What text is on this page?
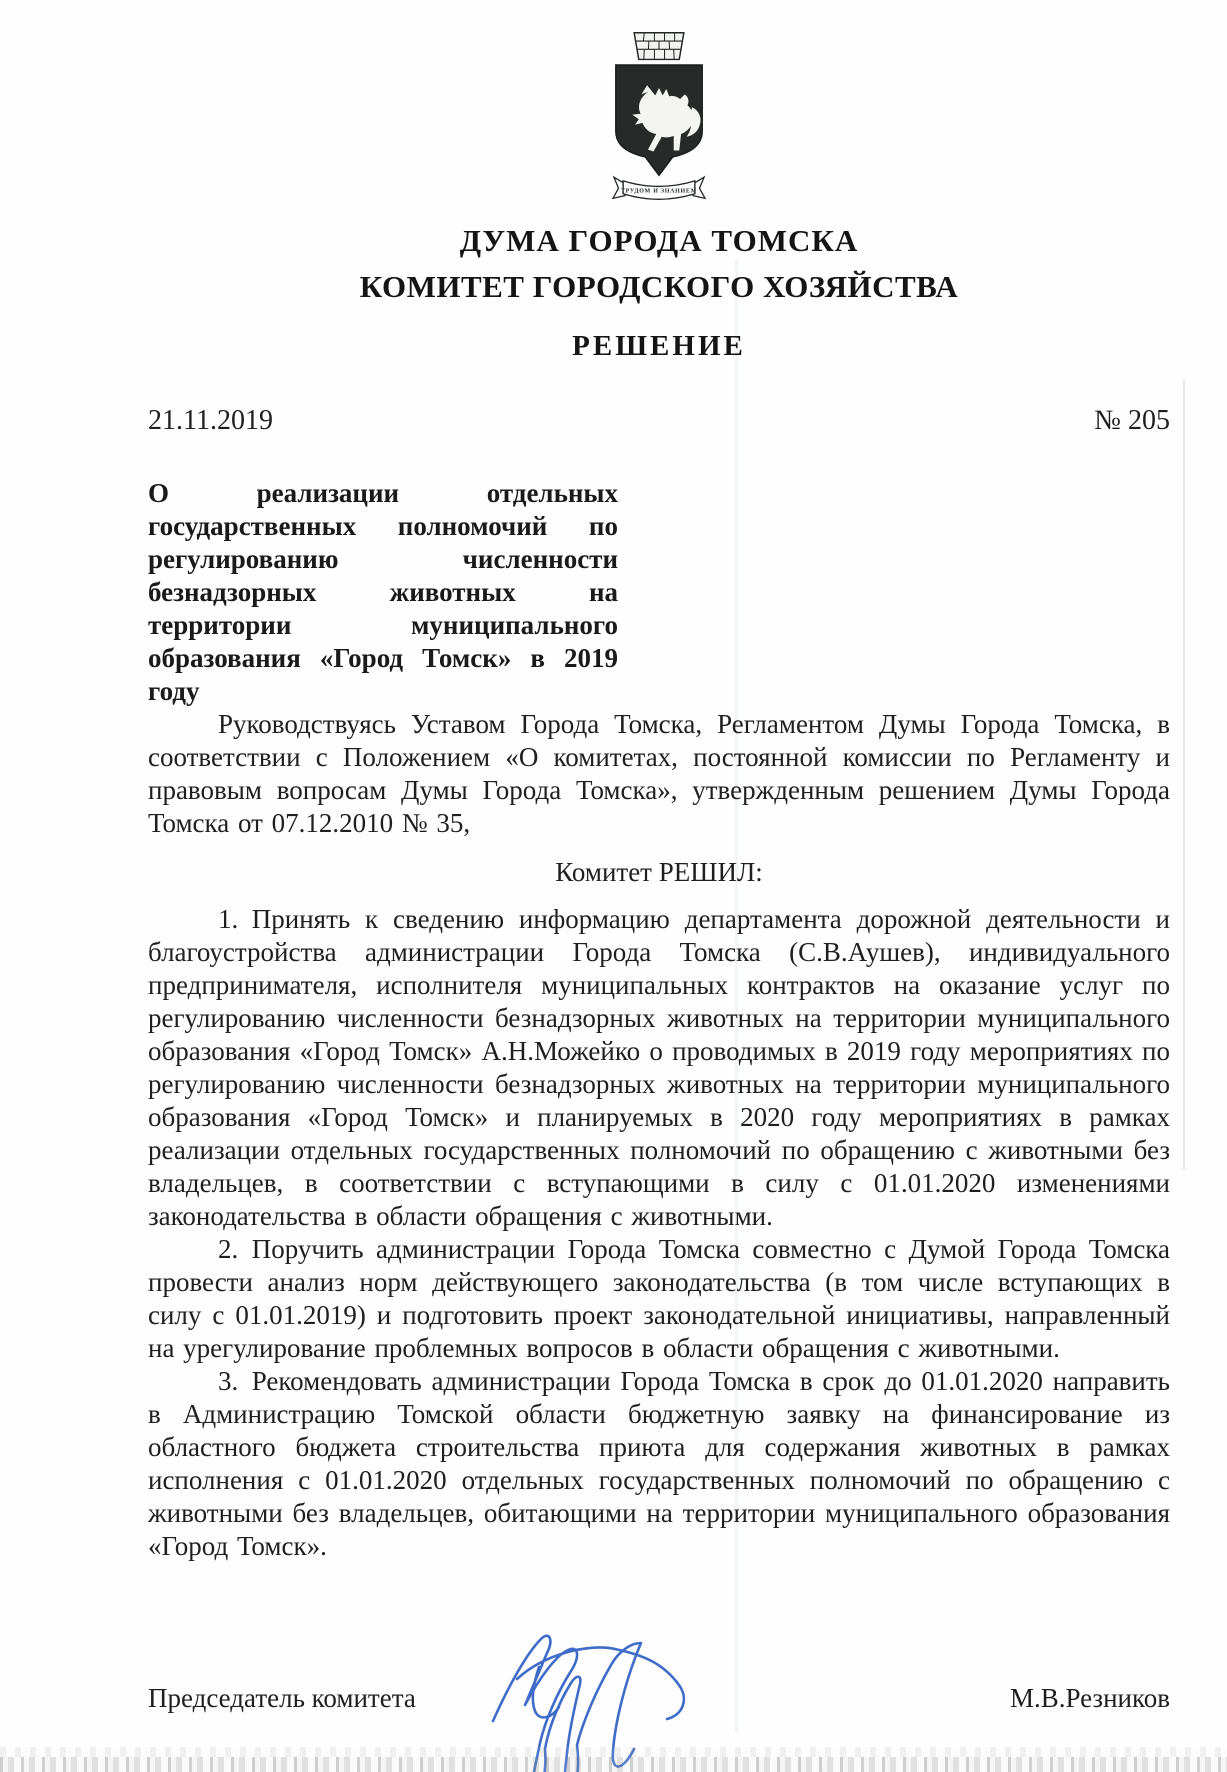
ТРУДОМ И ЗНАНИЕМ
ДУМА ГОРОДА ТОМСКА
КОМИТЕТ ГОРОДСКОГО ХОЗЯЙСТВА
РЕШЕНИЕ
21.11.2019	№ 205
О реализации отдельных государственных полномочий по регулированию численности безнадзорных животных на территории муниципального образования «Город Томск» в 2019 году

Руководствуясь Уставом Города Томска, Регламентом Думы Города Томска, в соответствии с Положением «О комитетах, постоянной комиссии по Регламенту и правовым вопросам Думы Города Томска», утвержденным решением Думы Города Томска от 07.12.2010 № 35,

Комитет РЕШИЛ:

1. Принять к сведению информацию департамента дорожной деятельности и благоустройства администрации Города Томска (С.В.Аушев), индивидуального предпринимателя, исполнителя муниципальных контрактов на оказание услуг по регулированию численности безнадзорных животных на территории муниципального образования «Город Томск» А.Н.Можейко о проводимых в 2019 году мероприятиях по регулированию численности безнадзорных животных на территории муниципального образования «Город Томск» и планируемых в 2020 году мероприятиях в рамках реализации отдельных государственных полномочий по обращению с животными без владельцев, в соответствии с вступающими в силу с 01.01.2020 изменениями законодательства в области обращения с животными.

2. Поручить администрации Города Томска совместно с Думой Города Томска провести анализ норм действующего законодательства (в том числе вступающих в силу с 01.01.2019) и подготовить проект законодательной инициативы, направленный на урегулирование проблемных вопросов в области обращения с животными.

3. Рекомендовать администрации Города Томска в срок до 01.01.2020 направить в Администрацию Томской области бюджетную заявку на финансирование из областного бюджета строительства приюта для содержания животных в рамках исполнения с 01.01.2020 отдельных государственных полномочий по обращению с животными без владельцев, обитающими на территории муниципального образования «Город Томск».

Председатель комитета	М.В.Резников
